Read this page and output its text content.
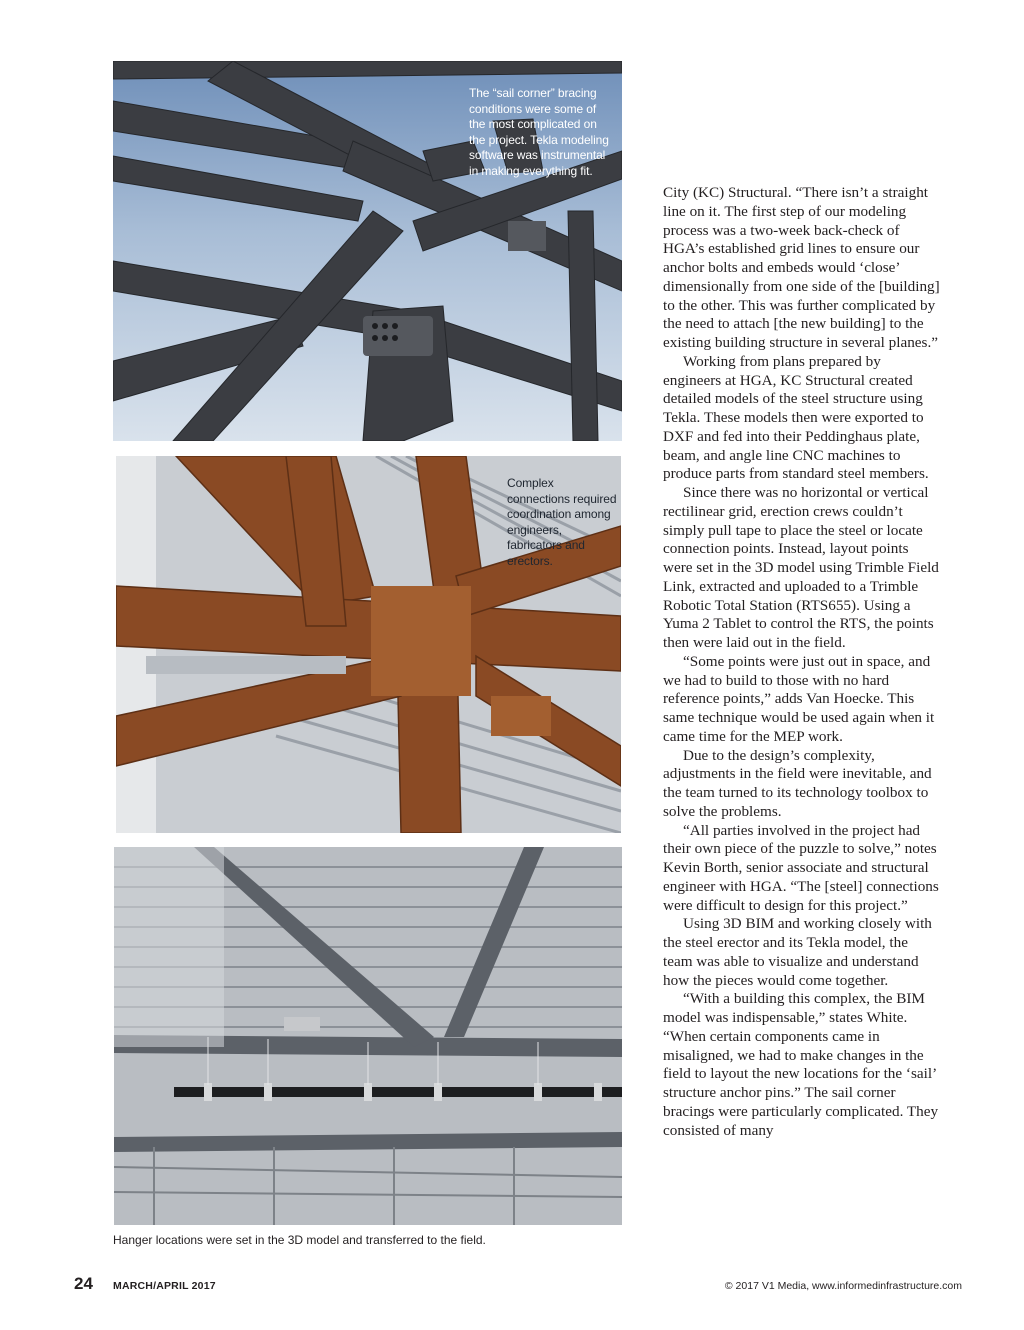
The “sail corner” bracing conditions were some of the most complicated on the project. Tekla modeling software was instrumental in making everything fit.
Complex connections required coordination among engineers, fabricators and erectors.
Hanger locations were set in the 3D model and transferred to the field.

City (KC) Structural. “There isn’t a straight line on it. The first step of our modeling process was a two-week back-check of HGA’s established grid lines to ensure our anchor bolts and embeds would ‘close’ dimensionally from one side of the [building] to the other. This was further complicated by the need to attach [the new building] to the existing building structure in several planes.”

Working from plans prepared by engineers at HGA, KC Structural created detailed models of the steel structure using Tekla. These models then were exported to DXF and fed into their Peddinghaus plate, beam, and angle line CNC machines to produce parts from standard steel members.

Since there was no horizontal or vertical rectilinear grid, erection crews couldn’t simply pull tape to place the steel or locate connection points. Instead, layout points were set in the 3D model using Trimble Field Link, extracted and uploaded to a Trimble Robotic Total Station (RTS655). Using a Yuma 2 Tablet to control the RTS, the points then were laid out in the field.

“Some points were just out in space, and we had to build to those with no hard reference points,” adds Van Hoecke. This same technique would be used again when it came time for the MEP work.

Due to the design’s complexity, adjustments in the field were inevitable, and the team turned to its technology toolbox to solve the problems.

“All parties involved in the project had their own piece of the puzzle to solve,” notes Kevin Borth, senior associate and structural engineer with HGA. “The [steel] connections were difficult to design for this project.”

Using 3D BIM and working closely with the steel erector and its Tekla model, the team was able to visualize and understand how the pieces would come together.

“With a building this complex, the BIM model was indispensable,” states White. “When certain components came in misaligned, we had to make changes in the field to layout the new locations for the ‘sail’ structure anchor pins.” The sail corner bracings were particularly complicated. They consisted of many

24 MARCH/APRIL 2017	© 2017 V1 Media, www.informedinfrastructure.com
